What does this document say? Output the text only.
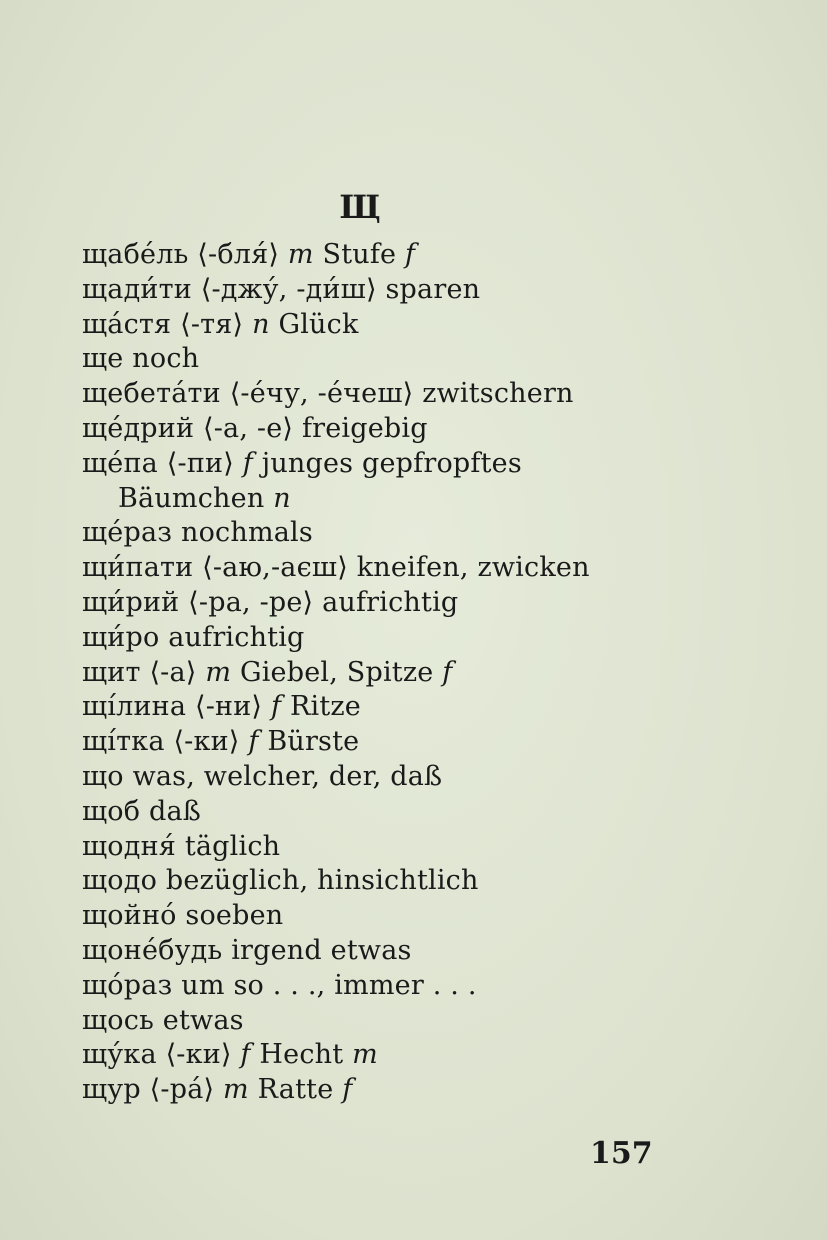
Щ
щабе́ль ⟨-бля́⟩ m Stufe f
щади́ти ⟨-джу́, -ди́ш⟩ sparen
ща́стя ⟨-тя⟩ n Glück
ще noch
щебета́ти ⟨-е́чу, -е́чеш⟩ zwitschern
ще́дрий ⟨-а, -е⟩ freigebig
ще́па ⟨-пи⟩ f junges gepfropftes
Bäumchen n
ще́раз nochmals
щи́пати ⟨-аю,-аєш⟩ kneifen, zwicken
щи́рий ⟨-ра, -ре⟩ aufrichtig
щи́ро aufrichtig
щит ⟨-а⟩ m Giebel, Spitze f
щі́лина ⟨-ни⟩ f Ritze
щі́тка ⟨-ки⟩ f Bürste
що was, welcher, der, daß
щоб daß
щодня́ täglich
щодо bezüglich, hinsichtlich
щойно́ soeben
щоне́будь irgend etwas
що́раз um so . . ., immer . . .
щось etwas
щу́ка ⟨-ки⟩ f Hecht m
щур ⟨-ра́⟩ m Ratte f
157
